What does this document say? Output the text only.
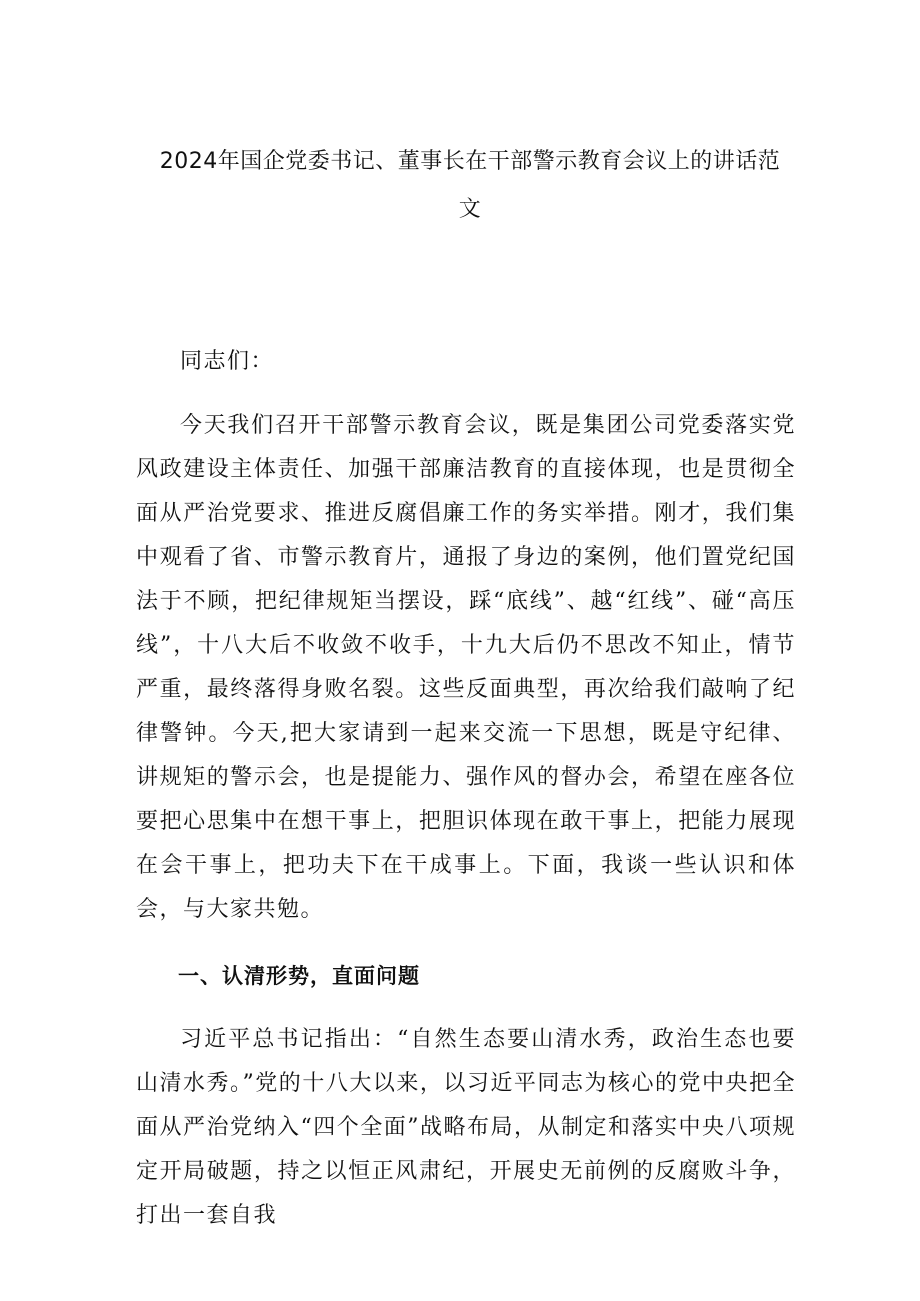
2024年国企党委书记、董事长在干部警示教育会议上的讲话范文

同志们：

今天我们召开干部警示教育会议，既是集团公司党委落实党风政建设主体责任、加强干部廉洁教育的直接体现，也是贯彻全面从严治党要求、推进反腐倡廉工作的务实举措。刚才，我们集中观看了省、市警示教育片，通报了身边的案例，他们置党纪国法于不顾，把纪律规矩当摆设，踩“底线”、越“红线”、碰“高压线”，十八大后不收敛不收手，十九大后仍不思改不知止，情节严重，最终落得身败名裂。这些反面典型，再次给我们敲响了纪律警钟。今天,把大家请到一起来交流一下思想，既是守纪律、讲规矩的警示会，也是提能力、强作风的督办会，希望在座各位要把心思集中在想干事上，把胆识体现在敢干事上，把能力展现在会干事上，把功夫下在干成事上。下面，我谈一些认识和体会，与大家共勉。

一、认清形势，直面问题

习近平总书记指出：“自然生态要山清水秀，政治生态也要山清水秀。”党的十八大以来，以习近平同志为核心的党中央把全面从严治党纳入“四个全面”战略布局，从制定和落实中央八项规定开局破题，持之以恒正风肃纪，开展史无前例的反腐败斗争，打出一套自我
